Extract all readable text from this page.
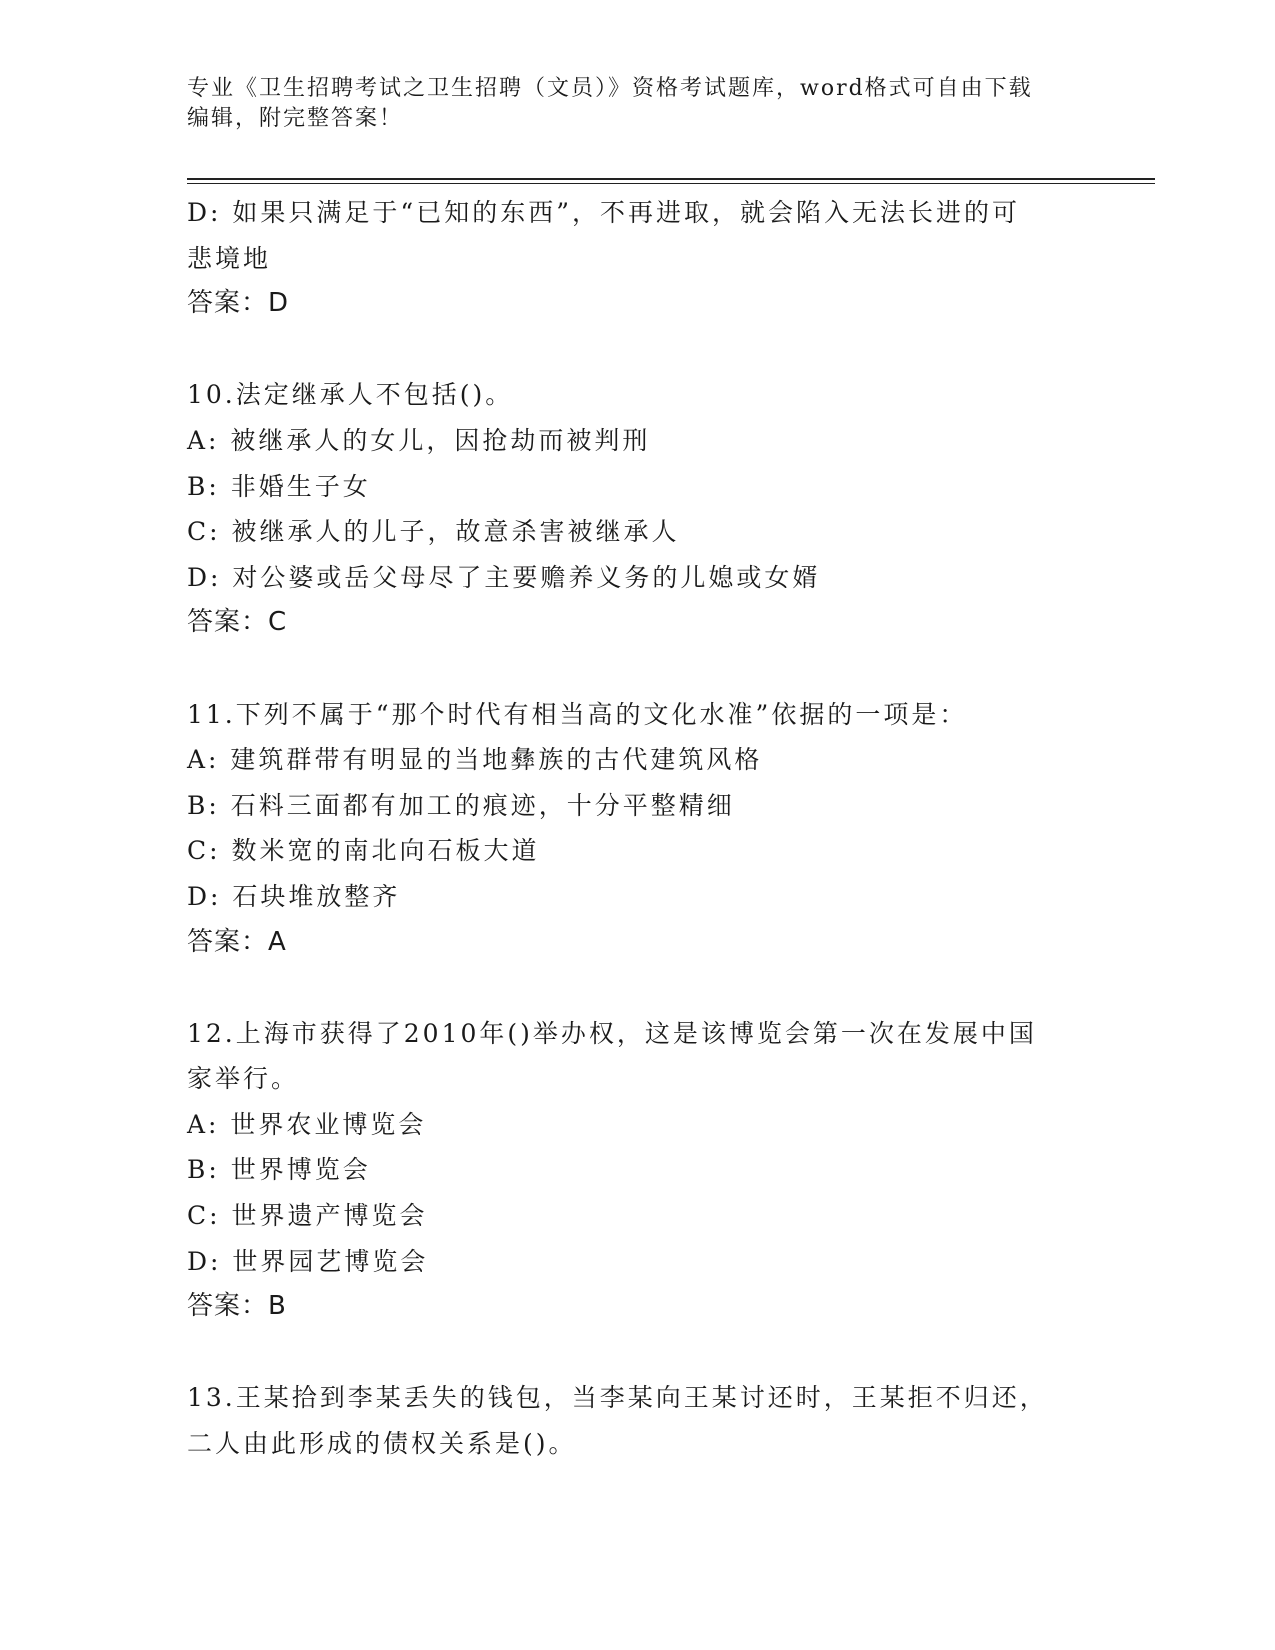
专业《卫生招聘考试之卫生招聘（文员）》资格考试题库，word格式可自由下载
编辑，附完整答案！
D: 如果只满足于“已知的东西”，不再进取，就会陷入无法长进的可
悲境地
答案：D
10.法定继承人不包括()。
A: 被继承人的女儿，因抢劫而被判刑
B: 非婚生子女
C: 被继承人的儿子，故意杀害被继承人
D: 对公婆或岳父母尽了主要赡养义务的儿媳或女婿
答案：C
11.下列不属于“那个时代有相当高的文化水准”依据的一项是：
A: 建筑群带有明显的当地彝族的古代建筑风格
B: 石料三面都有加工的痕迹，十分平整精细
C: 数米宽的南北向石板大道
D: 石块堆放整齐
答案：A
12.上海市获得了2010年()举办权，这是该博览会第一次在发展中国
家举行。
A: 世界农业博览会
B: 世界博览会
C: 世界遗产博览会
D: 世界园艺博览会
答案：B
13.王某拾到李某丢失的钱包，当李某向王某讨还时，王某拒不归还，
二人由此形成的债权关系是()。
